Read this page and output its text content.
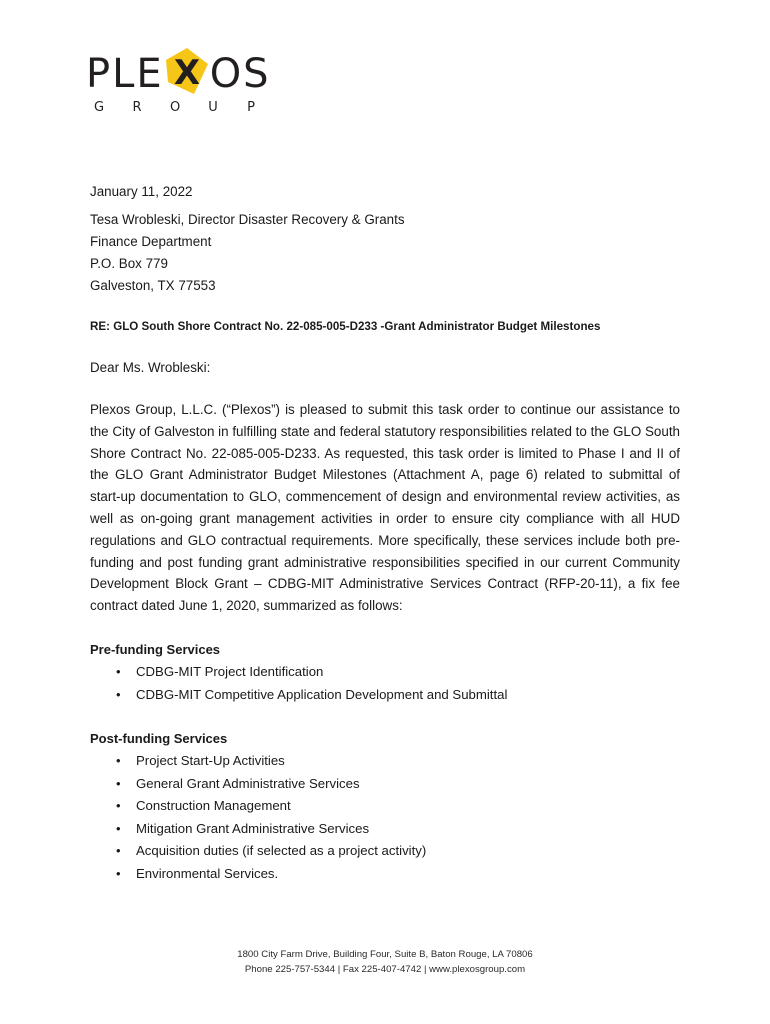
PLE X OS
G R O U P
January 11, 2022
Tesa Wrobleski, Director Disaster Recovery & Grants
Finance Department
P.O. Box 779
Galveston, TX 77553
RE: GLO South Shore Contract No. 22-085-005-D233 -Grant Administrator Budget Milestones
Dear Ms. Wrobleski:
Plexos Group, L.L.C. (“Plexos”) is pleased to submit this task order to continue our assistance to the City of Galveston in fulfilling state and federal statutory responsibilities related to the GLO South Shore Contract No. 22-085-005-D233. As requested, this task order is limited to Phase I and II of the GLO Grant Administrator Budget Milestones (Attachment A, page 6) related to submittal of start-up documentation to GLO, commencement of design and environmental review activities, as well as on-going grant management activities in order to ensure city compliance with all HUD regulations and GLO contractual requirements. More specifically, these services include both pre-funding and post funding grant administrative responsibilities specified in our current Community Development Block Grant – CDBG-MIT Administrative Services Contract (RFP-20-11), a fix fee contract dated June 1, 2020, summarized as follows:
Pre-funding Services
• CDBG-MIT Project Identification
• CDBG-MIT Competitive Application Development and Submittal
Post-funding Services
• Project Start-Up Activities
• General Grant Administrative Services
• Construction Management
• Mitigation Grant Administrative Services
• Acquisition duties (if selected as a project activity)
• Environmental Services.
1800 City Farm Drive, Building Four, Suite B, Baton Rouge, LA 70806
Phone 225-757-5344 | Fax 225-407-4742 | www.plexosgroup.com
